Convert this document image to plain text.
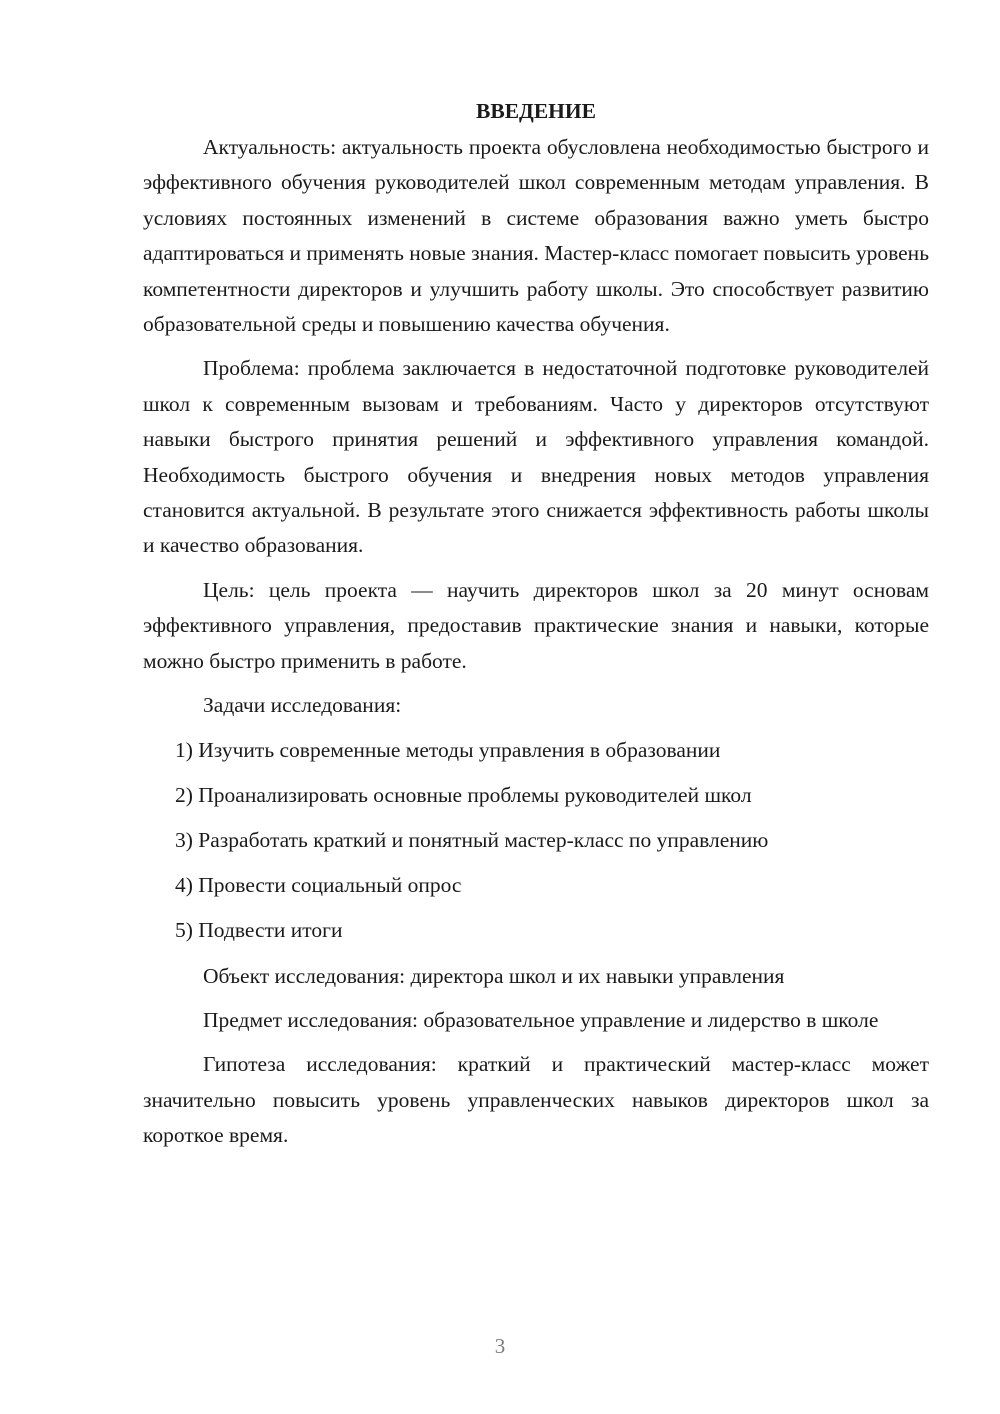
ВВЕДЕНИЕ

Актуальность: актуальность проекта обусловлена необходимостью быстрого и эффективного обучения руководителей школ современным методам управления. В условиях постоянных изменений в системе образования важно уметь быстро адаптироваться и применять новые знания. Мастер-класс помогает повысить уровень компетентности директоров и улучшить работу школы. Это способствует развитию образовательной среды и повышению качества обучения.

Проблема: проблема заключается в недостаточной подготовке руководителей школ к современным вызовам и требованиям. Часто у директоров отсутствуют навыки быстрого принятия решений и эффективного управления командой. Необходимость быстрого обучения и внедрения новых методов управления становится актуальной. В результате этого снижается эффективность работы школы и качество образования.

Цель: цель проекта — научить директоров школ за 20 минут основам эффективного управления, предоставив практические знания и навыки, которые можно быстро применить в работе.

Задачи исследования:

1) Изучить современные методы управления в образовании
2) Проанализировать основные проблемы руководителей школ
3) Разработать краткий и понятный мастер-класс по управлению
4) Провести социальный опрос
5) Подвести итоги

Объект исследования: директора школ и их навыки управления

Предмет исследования: образовательное управление и лидерство в школе

Гипотеза исследования: краткий и практический мастер-класс может значительно повысить уровень управленческих навыков директоров школ за короткое время.

3
